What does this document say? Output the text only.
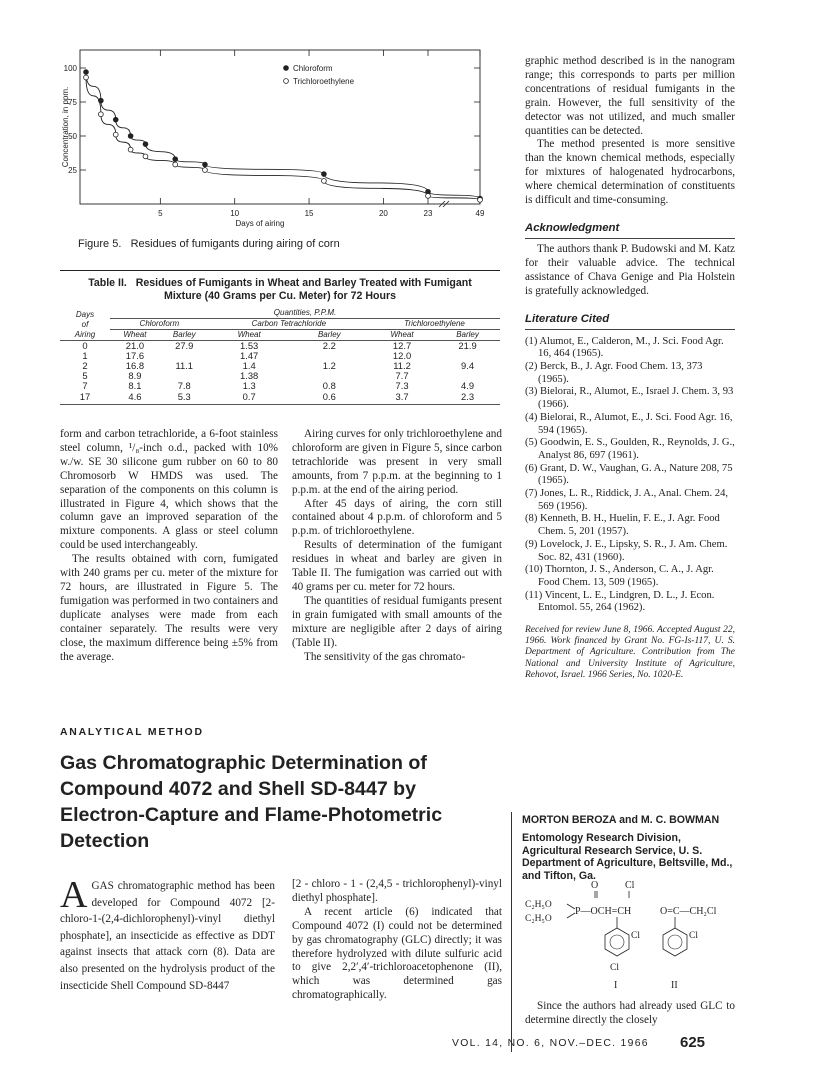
25
50
75
100
5	10	15	20	23	49
Days of airing
Concentration, in ppm.
Chloroform
Trichloroethylene
Figure 5. Residues of fumigants during airing of corn
Table II. Residues of Fumigants in Wheat and Barley Treated with Fumigant
Mixture (40 Grams per Cu. Meter) for 72 Hours
Days
of
Airing	Quantities, P.P.M.					
	Chloroform		Carbon Tetrachloride		Trichloroethylene	
	Wheat	Barley	Wheat	Barley	Wheat	Barley
0	21.0	27.9	1.53	2.2	12.7	21.9
1	17.6		1.47		12.0	
2	16.8	11.1	1.4	1.2	11.2	9.4
5	8.9		1.38		7.7	
7	8.1	7.8	1.3	0.8	7.3	4.9
17	4.6	5.3	0.7	0.6	3.7	2.3

form and carbon tetrachloride, a 6-foot stainless steel column, ¹/₈-inch o.d., packed with 10% w./w. SE 30 silicone gum rubber on 60 to 80 Chromosorb W HMDS was used. The separation of the components on this column is illustrated in Figure 4, which shows that the column gave an improved separation of the mixture components. A glass or steel column could be used interchangeably.

The results obtained with corn, fumigated with 240 grams per cu. meter of the mixture for 72 hours, are illustrated in Figure 5. The fumigation was performed in two containers and duplicate analyses were made from each container separately. The results were very close, the maximum difference being ±5% from the average.

Airing curves for only trichloroethylene and chloroform are given in Figure 5, since carbon tetrachloride was present in very small amounts, from 7 p.p.m. at the beginning to 1 p.p.m. at the end of the airing period.

After 45 days of airing, the corn still contained about 4 p.p.m. of chloroform and 5 p.p.m. of trichloroethylene.

Results of determination of the fumigant residues in wheat and barley are given in Table II. The fumigation was carried out with 40 grams per cu. meter for 72 hours.

The quantities of residual fumigants present in grain fumigated with small amounts of the mixture are negligible after 2 days of airing (Table II).

The sensitivity of the gas chromato-

graphic method described is in the nanogram range; this corresponds to parts per million concentrations of residual fumigants in the grain. However, the full sensitivity of the detector was not utilized, and much smaller quantities can be detected.

The method presented is more sensitive than the known chemical methods, especially for mixtures of halogenated hydrocarbons, where chemical determination of constituents is difficult and time-consuming.

Acknowledgment

The authors thank P. Budowski and M. Katz for their valuable advice. The technical assistance of Chava Genige and Pia Holstein is gratefully acknowledged.

Literature Cited
(1) Alumot, E., Calderon, M., J. Sci. Food Agr. 16, 464 (1965).
(2) Berck, B., J. Agr. Food Chem. 13, 373 (1965).
(3) Bielorai, R., Alumot, E., Israel J. Chem. 3, 93 (1966).
(4) Bielorai, R., Alumot, E., J. Sci. Food Agr. 16, 594 (1965).
(5) Goodwin, E. S., Goulden, R., Reynolds, J. G., Analyst 86, 697 (1961).
(6) Grant, D. W., Vaughan, G. A., Nature 208, 75 (1965).
(7) Jones, L. R., Riddick, J. A., Anal. Chem. 24, 569 (1956).
(8) Kenneth, B. H., Huelin, F. E., J. Agr. Food Chem. 5, 201 (1957).
(9) Lovelock, J. E., Lipsky, S. R., J. Am. Chem. Soc. 82, 431 (1960).
(10) Thornton, J. S., Anderson, C. A., J. Agr. Food Chem. 13, 509 (1965).
(11) Vincent, L. E., Lindgren, D. L., J. Econ. Entomol. 55, 264 (1962).

Received for review June 8, 1966. Accepted August 22, 1966. Work financed by Grant No. FG-Is-117, U. S. Department of Agriculture. Contribution from The National and University Institute of Agriculture, Rehovot, Israel. 1966 Series, No. 1020-E.

ANALYTICAL METHOD
Gas Chromatographic Determination of Compound 4072 and Shell SD-8447 by Electron-Capture and Flame-Photometric Detection
MORTON BEROZA and M. C. BOWMAN
Entomology Research Division, Agricultural Research Service, U. S. Department of Agriculture, Beltsville, Md., and Tifton, Ga.

AGAS chromatographic method has been developed for Compound 4072 [2-chloro-1-(2,4-dichlorophenyl)-vinyl diethyl phosphate], an insecticide as effective as DDT against insects that attack corn (8). Data are also presented on the hydrolysis product of the insecticide Shell Compound SD-8447

[2 - chloro - 1 - (2,4,5 - trichlorophenyl)-vinyl diethyl phosphate].

A recent article (6) indicated that Compound 4072 (I) could not be determined by gas chromatography (GLC) directly; it was therefore hydrolyzed with dilute sulfuric acid to give 2,2′,4′-trichloroacetophenone (II), which was determined gas chromatographically.

O	Cl
C₂H₅O
C₂H₅O
P—OCH=CH	O=C—CH₂Cl
Cl
Cl
Cl
I	II

Since the authors had already used GLC to determine directly the closely

VOL. 14, NO. 6, NOV.–DEC. 1966 625
